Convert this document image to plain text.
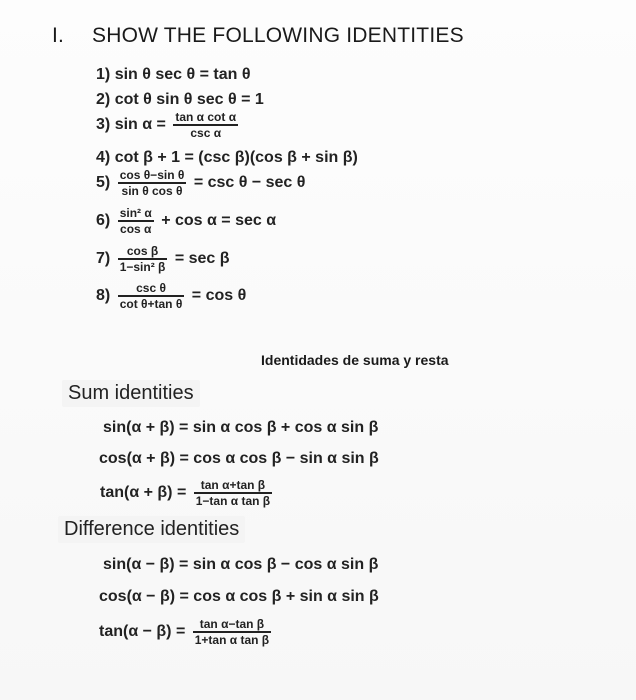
I. SHOW THE FOLLOWING IDENTITIES
1) sin θ sec θ = tan θ
2) cot θ sin θ sec θ = 1
3) $\sin \alpha = \frac{\text{tan α cot α}}{\text{csc α}}$
4) cot β + 1 = (csc β)(cos β + sin β)
$5) \frac{\text{cos θ−sin θ}}{\text{sin θ cos θ}} = \csc \theta - \sec \theta$
$6) \frac{\text{sin² α}}{\text{cos α}} + \cos \alpha = \sec \alpha$
$7) \frac{\text{cos β}}{\text{1−sin² β}} = \sec \beta$
$8) \frac{\text{csc θ}}{\text{cot θ+tan θ}} = \cos \theta$
Identidades de suma y resta
Sum identities
sin(α + β) = sin α cos β + cos α sin β
cos(α + β) = cos α cos β − sin α sin β
$\tan(\alpha + \beta) = \frac{\text{tan α+tan β}}{\text{1−tan α tan β}}$
Difference identities
sin(α − β) = sin α cos β − cos α sin β
cos(α − β) = cos α cos β + sin α sin β
$\tan(\alpha - \beta) = \frac{\text{tan α−tan β}}{\text{1+tan α tan β}}$
